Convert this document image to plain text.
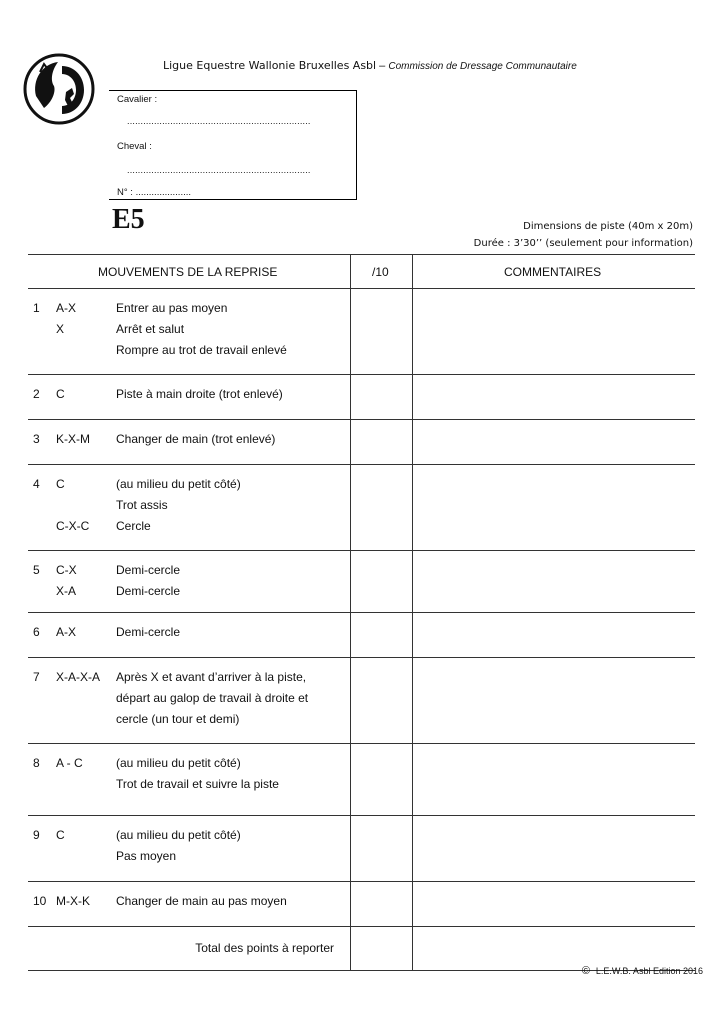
Ligue Equestre Wallonie Bruxelles Asbl – Commission de Dressage Communautaire
Cavalier :
....................................................................
Cheval :
....................................................................
N° : .....................
E5	Dimensions de piste (40m x 20m)
Durée : 3’30’’ (seulement pour information)
MOUVEMENTS DE LA REPRISE	/10	COMMENTAIRES
1 A-X	Entrer au pas moyen
X	Arrêt et salut
Rompre au trot de travail enlevé
2 C	Piste à main droite (trot enlevé)
3 K-X-M Changer de main (trot enlevé)
4 C	(au milieu du petit côté)
Trot assis
C-X-C Cercle
5 C-X	Demi-cercle
X-A	Demi-cercle
6 A-X	Demi-cercle
7 X-A-X-A Après X et avant d’arriver à la piste,
départ au galop de travail à droite et
cercle (un tour et demi)
8 A - C	(au milieu du petit côté)
Trot de travail et suivre la piste
9 C	(au milieu du petit côté)
Pas moyen
10 M-X-K Changer de main au pas moyen
Total des points à reporter
© L.E.W.B. Asbl Edition 2016
